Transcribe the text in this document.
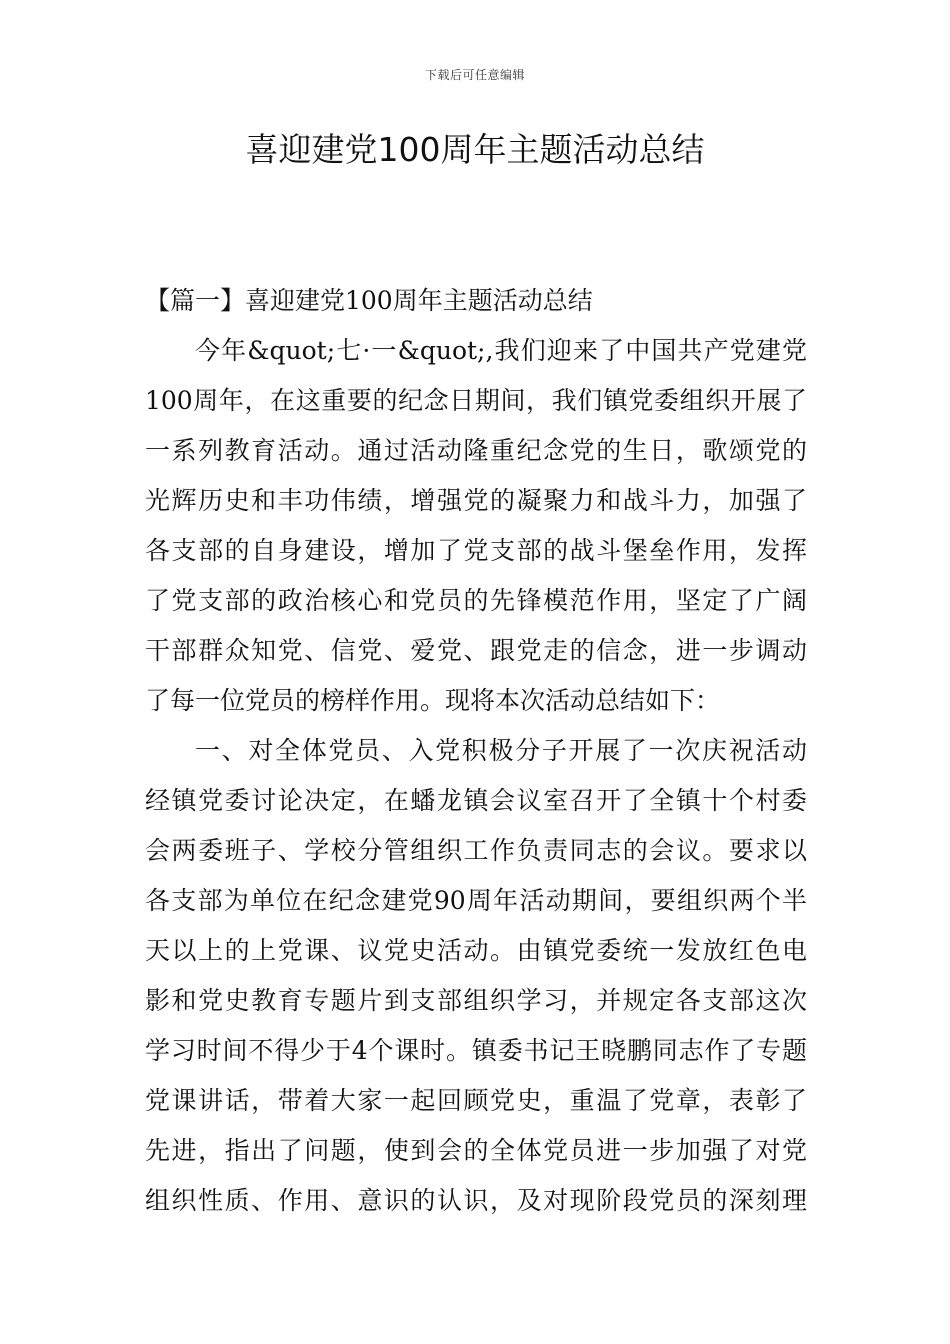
下载后可任意编辑
喜迎建党100周年主题活动总结

【篇一】喜迎建党100周年主题活动总结

今年&quot;七·一&quot;,我们迎来了中国共产党建党

100周年，在这重要的纪念日期间，我们镇党委组织开展了

一系列教育活动。通过活动隆重纪念党的生日，歌颂党的

光辉历史和丰功伟绩，增强党的凝聚力和战斗力，加强了

各支部的自身建设，增加了党支部的战斗堡垒作用，发挥

了党支部的政治核心和党员的先锋模范作用，坚定了广阔

干部群众知党、信党、爱党、跟党走的信念，进一步调动

了每一位党员的榜样作用。现将本次活动总结如下：

一、对全体党员、入党积极分子开展了一次庆祝活动

经镇党委讨论决定，在蟠龙镇会议室召开了全镇十个村委

会两委班子、学校分管组织工作负责同志的会议。要求以

各支部为单位在纪念建党90周年活动期间，要组织两个半

天以上的上党课、议党史活动。由镇党委统一发放红色电

影和党史教育专题片到支部组织学习，并规定各支部这次

学习时间不得少于4个课时。镇委书记王晓鹏同志作了专题

党课讲话，带着大家一起回顾党史，重温了党章，表彰了

先进，指出了问题，使到会的全体党员进一步加强了对党

组织性质、作用、意识的认识，及对现阶段党员的深刻理
